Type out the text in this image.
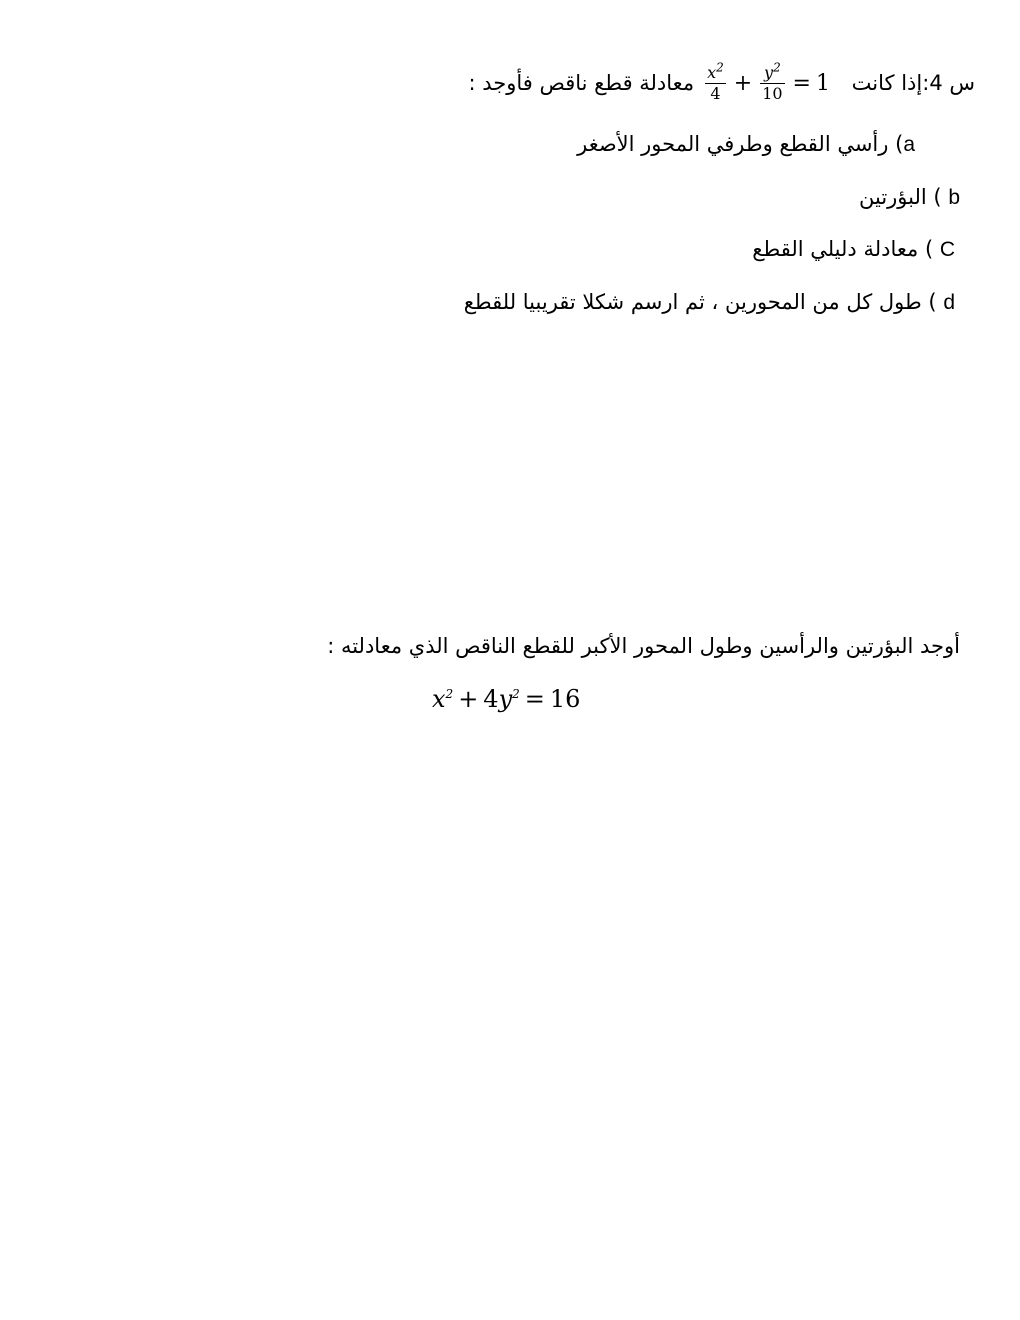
س 4:إذا كانت
$\frac{x^2}{4} + \frac{y^2}{10} = 1$ معادلة قطع ناقص فأوجد :
a) رأسي القطع وطرفي المحور الأصغر
b ) البؤرتين
C ) معادلة دليلي القطع
d ) طول كل من المحورين ، ثم ارسم شكلا تقريبيا للقطع
أوجد البؤرتين والرأسين وطول المحور الأكبر للقطع الناقص الذي معادلته :
$x^2 + 4y^2 = 16$
